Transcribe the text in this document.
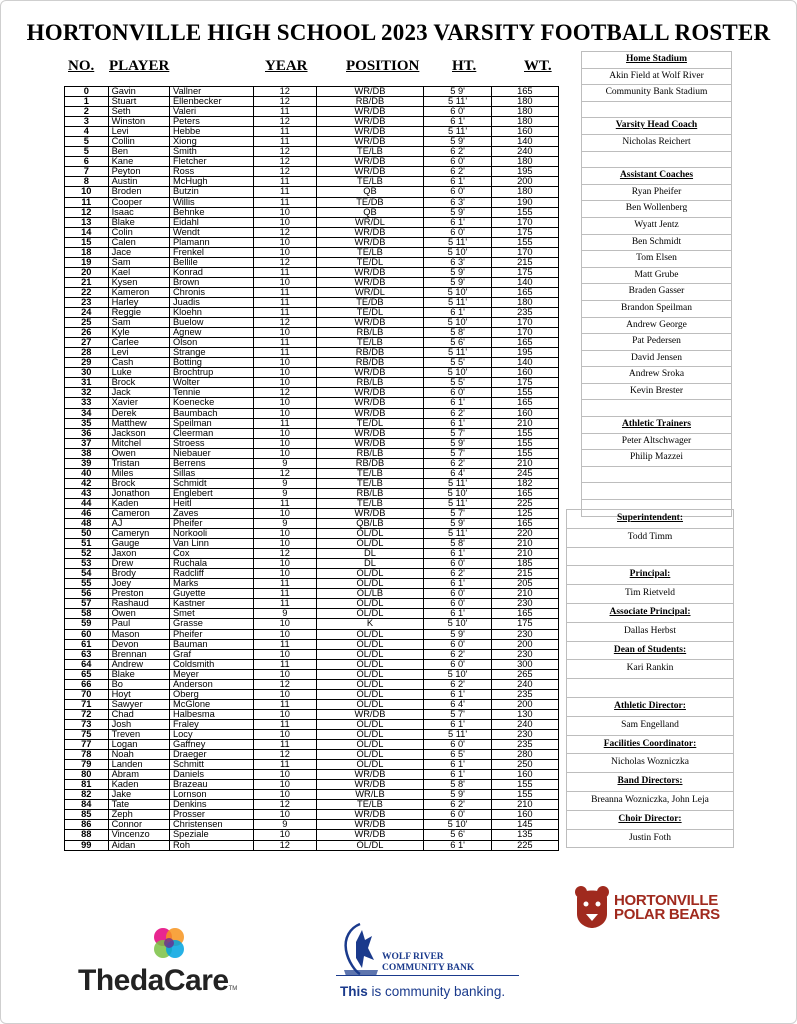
HORTONVILLE HIGH SCHOOL 2023 VARSITY FOOTBALL ROSTER
NO. PLAYER	YEAR	POSITION HT.	WT.
0	Gavin	Vallner	12	WR/DB	5 9'	165
1	Stuart	Ellenbecker	12	RB/DB	5 11'	180
2	Seth	Valeri	11	WR/DB	6 0'	180
3	Winston	Peters	12	WR/DB	6 1'	180
4	Levi	Hebbe	11	WR/DB	5 11'	160
5	Collin	Xiong	11	WR/DB	5 9'	140
5	Ben	Smith	12	TE/LB	6 2'	240
6	Kane	Fletcher	12	WR/DB	6 0'	180
7	Peyton	Ross	12	WR/DB	6 2'	195
8	Austin	McHugh	11	TE/LB	6 1'	200
10	Broden	Butzin	11	QB	6 0'	180
11	Cooper	Willis	11	TE/DB	6 3'	190
12	Isaac	Behnke	10	QB	5 9'	155
13	Blake	Eidahl	10	WR/DL	6 1'	170
14	Colin	Wendt	12	WR/DB	6 0'	175
15	Calen	Plamann	10	WR/DB	5 11'	155
18	Jace	Frenkel	10	TE/LB	5 10'	170
19	Sam	Bellile	12	TE/DL	6 3'	215
20	Kael	Konrad	11	WR/DB	5 9'	175
21	Kysen	Brown	10	WR/DB	5 9'	140
22	Kameron	Chronis	11	WR/DL	5 10'	165
23	Harley	Juadis	11	TE/DB	5 11'	180
24	Reggie	Kloehn	11	TE/DL	6 1'	235
25	Sam	Buelow	12	WR/DB	5 10'	170
26	Kyle	Agnew	10	RB/LB	5 8'	170
27	Carlee	Olson	11	TE/LB	5 6'	165
28	Levi	Strange	11	RB/DB	5 11'	195
29	Cash	Botting	10	RB/DB	5 5'	140
30	Luke	Brochtrup	10	WR/DB	5 10'	160
31	Brock	Wolter	10	RB/LB	5 5'	175
32	Jack	Tennie	12	WR/DB	6 0'	155
33	Xavier	Koenecke	10	WR/DB	6 1'	165
34	Derek	Baumbach	10	WR/DB	6 2'	160
35	Matthew	Speilman	11	TE/DL	6 1'	210
36	Jackson	Cleerman	10	WR/DB	5 7'	155
37	Mitchel	Stroess	10	WR/DB	5 9'	155
38	Owen	Niebauer	10	RB/LB	5 7'	155
39	Tristan	Berrens	9	RB/DB	6 2'	210
40	Miles	Sillas	12	TE/LB	6 4'	245
42	Brock	Schmidt	9	TE/LB	5 11'	182
43	Jonathon	Englebert	9	RB/LB	5 10'	165
44	Kaden	Heitl	11	TE/LB	5 11'	225
46	Cameron	Zaves	10	WR/DB	5 7'	125
48	AJ	Pheifer	9	QB/LB	5 9'	165
50	Cameryn	Norkooli	10	OL/DL	5 11'	220
51	Gauge	Van Linn	10	OL/DL	5 8'	210
52	Jaxon	Cox	12	DL	6 1'	210
53	Drew	Ruchala	10	DL	6 0'	185
54	Brody	Radcliff	10	OL/DL	6 2'	215
55	Joey	Marks	11	OL/DL	6 1'	205
56	Preston	Guyette	11	OL/LB	6 0'	210
57	Rashaud	Kastner	11	OL/DL	6 0'	230
58	Owen	Smet	9	OL/DL	6 1'	165
59	Paul	Grasse	10	K	5 10'	175
60	Mason	Pheifer	10	OL/DL	5 9'	230
61	Devon	Bauman	11	OL/DL	6 0'	200
63	Brennan	Graf	10	OL/DL	6 2'	230
64	Andrew	Coldsmith	11	OL/DL	6 0'	300
65	Blake	Meyer	10	OL/DL	5 10'	265
66	Bo	Anderson	12	OL/DL	6 2'	240
70	Hoyt	Oberg	10	OL/DL	6 1'	235
71	Sawyer	McGlone	11	OL/DL	6 4'	200
72	Chad	Halbesma	10	WR/DB	5 7'	130
73	Josh	Fraley	11	OL/DL	6 1'	240
75	Treven	Locy	10	OL/DL	5 11'	230
77	Logan	Gaffney	11	OL/DL	6 0'	235
78	Noah	Draeger	12	OL/DL	6 5'	280
79	Landen	Schmitt	11	OL/DL	6 1'	250
80	Abram	Daniels	10	WR/DB	6 1'	160
81	Kaden	Brazeau	10	WR/DB	5 8'	155
82	Jake	Lornson	10	WR/LB	5 9'	155
84	Tate	Denkins	12	TE/LB	6 2'	210
85	Zeph	Prosser	10	WR/DB	6 0'	160
86	Connor	Christensen	9	WR/DB	5 10'	145
88	Vincenzo	Speziale	10	WR/DB	5 6'	135
99	Aidan	Roh	12	OL/DL	6 1'	225
Home Stadium
Akin Field at Wolf River
Community Bank Stadium
Varsity Head Coach
Nicholas Reichert
Assistant Coaches
Ryan Pheifer
Ben Wollenberg
Wyatt Jentz
Ben Schmidt
Tom Elsen
Matt Grube
Braden Gasser
Brandon Speilman
Andrew George
Pat Pedersen
David Jensen
Andrew Sroka
Kevin Brester
Athletic Trainers
Peter Altschwager
Philip Mazzei
Superintendent:
Todd Timm
Principal:
Tim Rietveld
Associate Principal:
Dallas Herbst
Dean of Students:
Kari Rankin
Athletic Director:
Sam Engelland
Facilities Coordinator:
Nicholas Wozniczka
Band Directors:
Breanna Wozniczka, John Leja
Choir Director:
Justin Foth
ThedaCareTM
WOLF RIVER
COMMUNITY BANK
This is community banking.
HORTONVILLE
POLAR BEARS
